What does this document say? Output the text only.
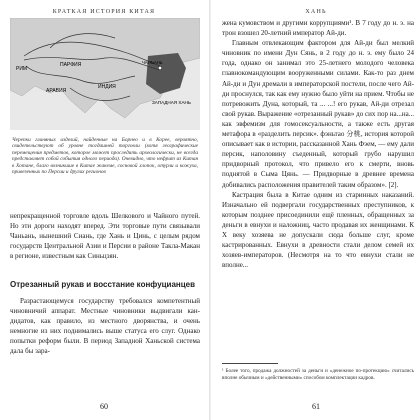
КРАТКАЯ ИСТОРИЯ КИТАЯ
РИМ
ПАРФИЯ
АРАВИЯ
ИНДИЯ
ЗАПАДНАЯ ХАНЬ
ЧАНЪАНЬ
Черепки глиняных изделий, найденные на Борнео и в Корее, вероятно, свидетельствуют об уровне тогдашней торговли (хотя географические перемещения предметов, которое может проследить археологически, не всегда представляет собой события одного периода). Очевидно, что нефрит из Китая в Хотане, благо возникшие в Китае жакеме, сосновой хлопок, отурли и кожуха, привезенных по Персии и других регионов

непрекращенной торговле вдоль Шелкового и Чайного путей. Но эти дороги находят вперед. Эти торговые пути связывали Чаньань, нынешний Сиань, где Хань и Цинь, с целым рядом государств Центральной Азии и Персии в районе Такла-Макан в регионе, известным как Синьцзян.

Отрезанный рукав и восстание конфуцианцев

Разрастающемуся государству требовался компетентный чиновничий аппарат. Местные чиновники выдвигали кан-дидатов, как правило, из местного дворянства, и очень немногие из них поднимались выше статуса его слуг. Однако попытки реформ были. В период Западной Ханьской система дала бы зара-

60
ХАНЬ

жена кумовством и другими коррупциями¹. В 7 году до н. э. на трон взошел 20-летний император Ай-ди.

Главным отвлекающим фактором для Ай-ди был мелкий чиновник по имени Дун Сянь, в 2 году до н. э. ему было 24 года, однако он занимал это 25-летнего молодого человека главнокомандующим вооруженными силами. Как-то раз днем Ай-ди и Дун дремали в императорской постели, после чего Ай-ди проснулся, так как ему нужно было уйти на прием. Чтобы не потревожить Дуна, который, та ... ...! его рукав, Ай-ди отрезал свой рукав. Выражение «отрезанный рукав» до сих пор на...на... как эвфемизм для гомосексуальности, а также есть другая метафора в «разделить персик». фэньтао 分桃, история которой описывает как в истории, рассказанной Хань Фэем, — ему дали персик, наполовину съеденный, который грубо нарушил придворный протокол, что привело его к смерти, вновь поднятой в Сыма Цянь. — Придворные в древнее времена добивались расположения правителей таким образом». [2].

Кастрация была в Китае одним из старинных наказаний. Изначально ей подвергали государственных преступников, к которым позднее присоединили ещё пленных, обращенных за деньги в евнухи и наложниц, часто продавая их женщинами. К X веку хозяева не допускали сюда больше слуг, кроме кастрированных. Евнухи в древности стали делом семей их хозяев-императоров. (Несмотря на то что евнухи стали не вполне...

¹ Более того, продажа должностей за деньги и «денежное по-протекцию» считались вполне обычным и «действенными» способом комплектации кадров.
61
